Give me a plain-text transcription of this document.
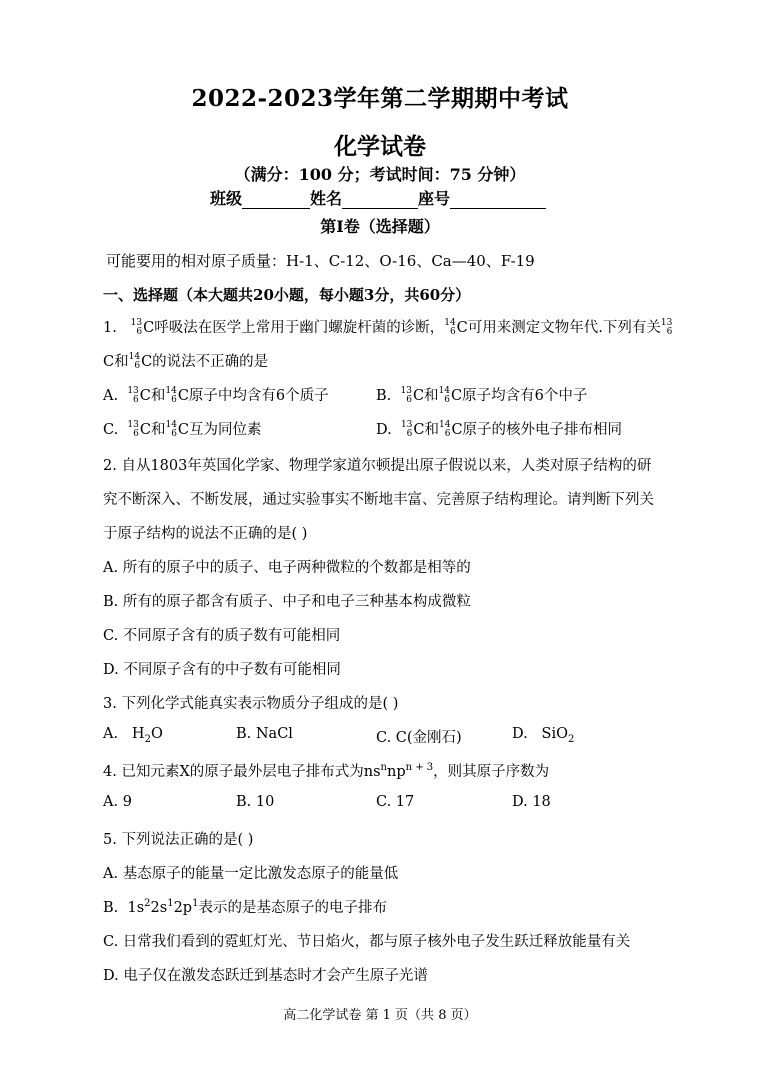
2022-2023学年第二学期期中考试
化学试卷
（满分：100 分；考试时间：75 分钟）
班级	姓名	座号
第Ⅰ卷（选择题）
可能要用的相对原子质量：H-1、C-12、O-16、Ca—40、F-19
一、选择题（本大题共20小题，每小题3分，共60分）
1. 13
6 C呼吸法在医学上常用于幽门螺旋杆菌的诊断， 14
6 C可用来测定文物年代.下列有关 13
6
C和 14
6 C的说法不正确的是
A. 13
6 C和 14
6 C原子中均含有6个质子	B. 13
6 C和 14
6 C原子均含有6个中子
C. 13
6 C和 14
6 C互为同位素	D. 13
6 C和 14
6 C原子的核外电子排布相同
2. 自从1803年英国化学家、物理学家道尔顿提出原子假说以来，人类对原子结构的研
究不断深入、不断发展，通过实验事实不断地丰富、完善原子结构理论。请判断下列关
于原子结构的说法不正确的是( )
A. 所有的原子中的质子、电子两种微粒的个数都是相等的
B. 所有的原子都含有质子、中子和电子三种基本构成微粒
C. 不同原子含有的质子数有可能相同
D. 不同原子含有的中子数有可能相同
3. 下列化学式能真实表示物质分子组成的是( )
A. $H_2O$	B. NaCl	C. C(金刚石)	D. SiO$_2$
4. 已知元素X的原子最外层电子排布式为$ns^nnp^{n + 3}$，则其原子序数为
A. 9	B. 10	C. 17	D. 18
5. 下列说法正确的是( )
A. 基态原子的能量一定比激发态原子的能量低
B. $1s^22s^12p^1$表示的是基态原子的电子排布
C. 日常我们看到的霓虹灯光、节日焰火，都与原子核外电子发生跃迁释放能量有关
D. 电子仅在激发态跃迁到基态时才会产生原子光谱
高二化学试卷 第 1 页（共 8 页）
